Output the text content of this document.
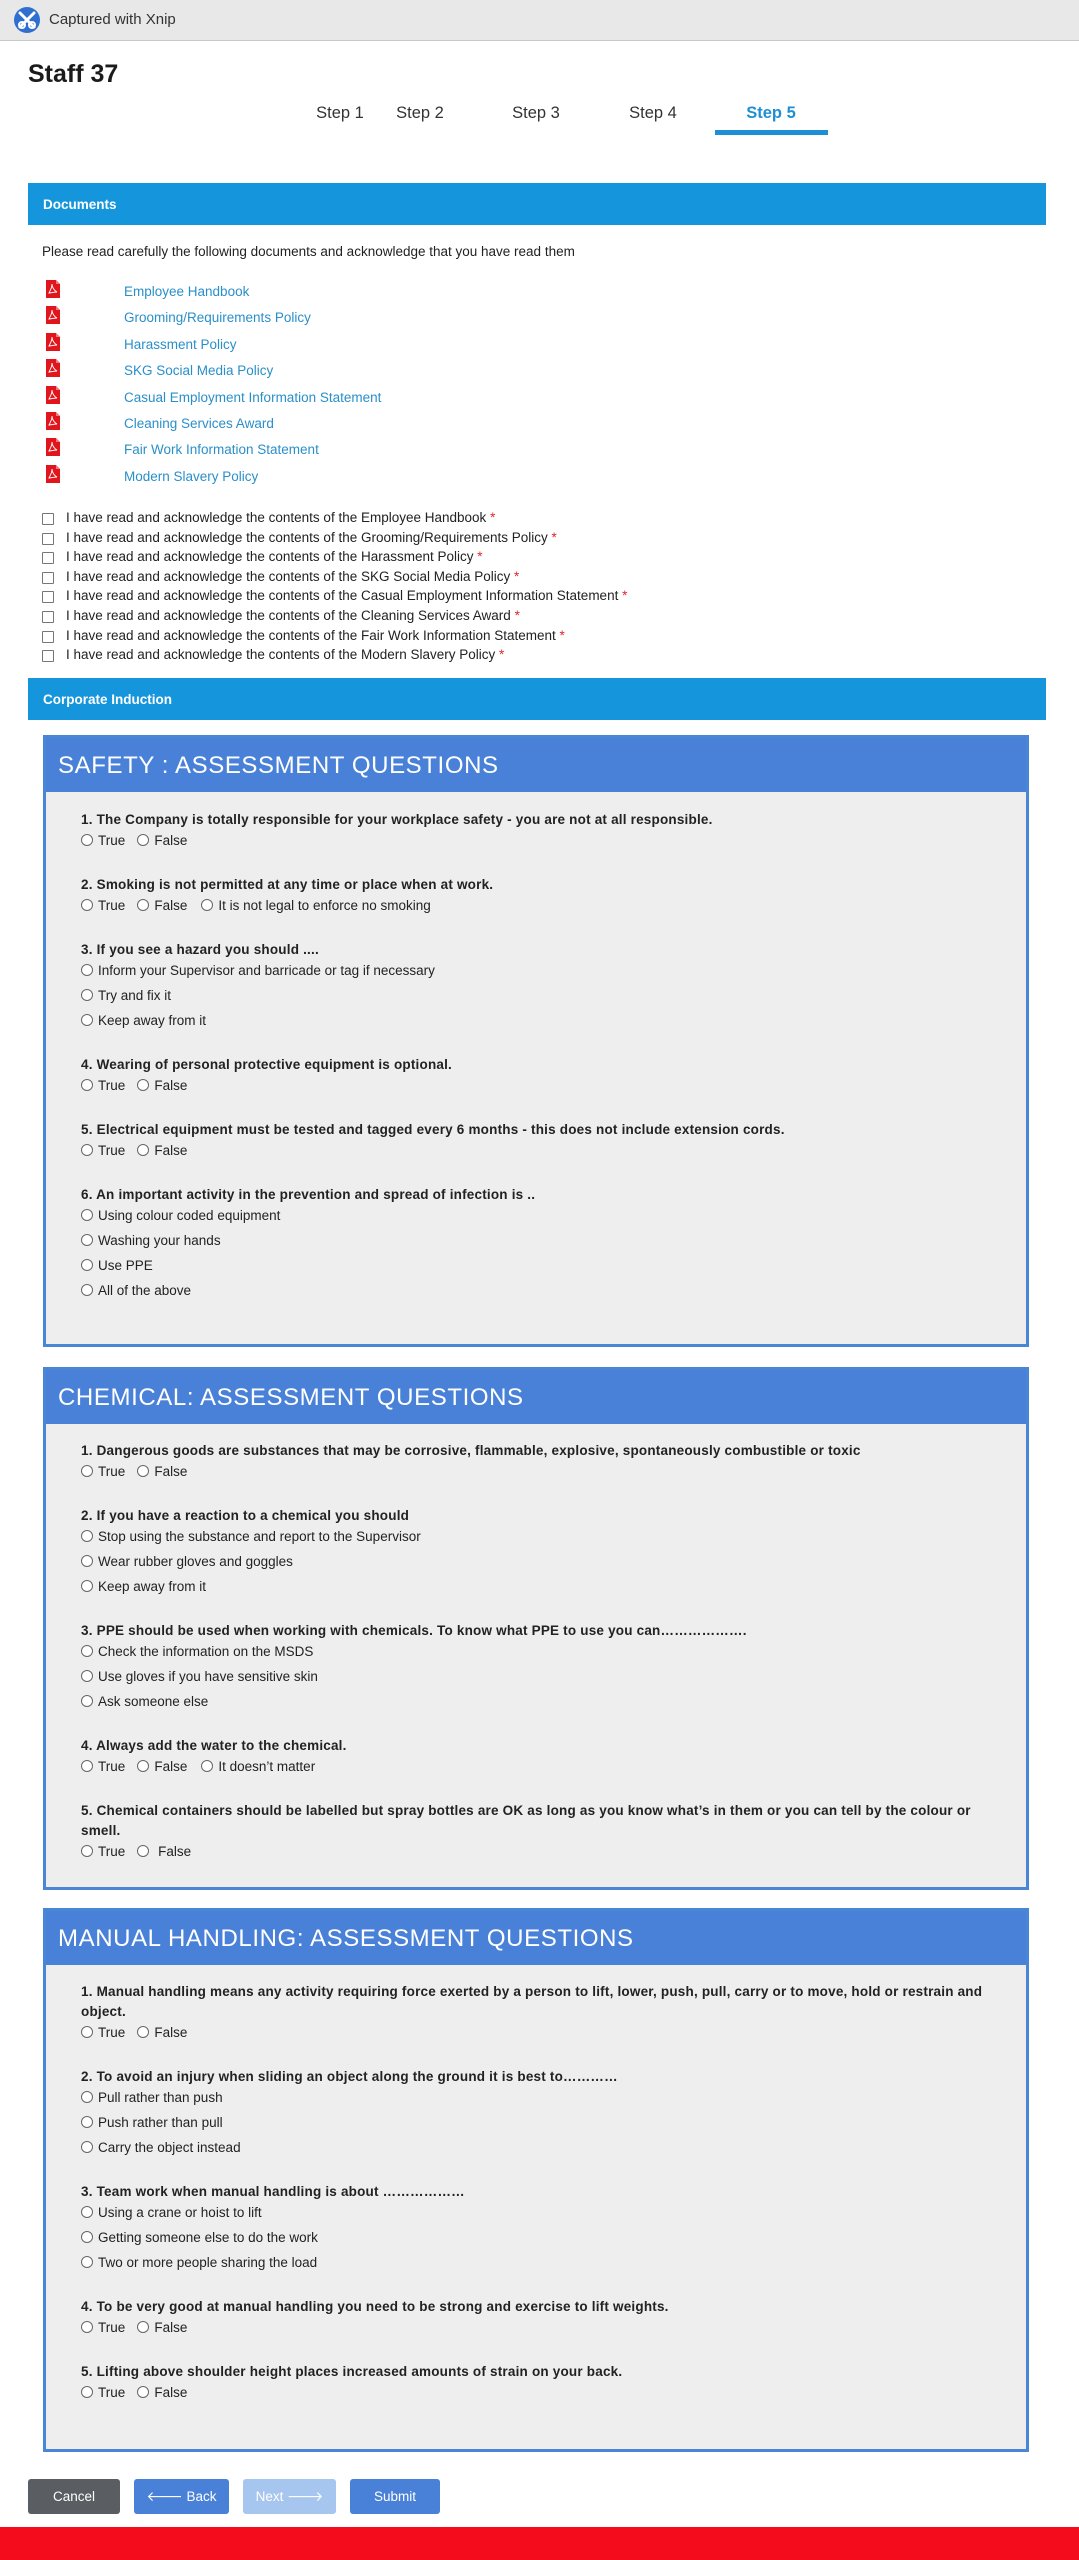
Captured with Xnip
Staff 37
Step 1	Step 2	Step 3	Step 4	Step 5
Documents
Please read carefully the following documents and acknowledge that you have read them
Employee Handbook
Grooming/Requirements Policy
Harassment Policy
SKG Social Media Policy
Casual Employment Information Statement
Cleaning Services Award
Fair Work Information Statement
Modern Slavery Policy
I have read and acknowledge the contents of the Employee Handbook *
I have read and acknowledge the contents of the Grooming/Requirements Policy *
I have read and acknowledge the contents of the Harassment Policy *
I have read and acknowledge the contents of the SKG Social Media Policy *
I have read and acknowledge the contents of the Casual Employment Information Statement *
I have read and acknowledge the contents of the Cleaning Services Award *
I have read and acknowledge the contents of the Fair Work Information Statement *
I have read and acknowledge the contents of the Modern Slavery Policy *
Corporate Induction
SAFETY : ASSESSMENT QUESTIONS
1. The Company is totally responsible for your workplace safety - you are not at all responsible.
True	False
2. Smoking is not permitted at any time or place when at work.
True	False	It is not legal to enforce no smoking
3. If you see a hazard you should ....
Inform your Supervisor and barricade or tag if necessary
Try and fix it
Keep away from it
4. Wearing of personal protective equipment is optional.
True	False
5. Electrical equipment must be tested and tagged every 6 months - this does not include extension cords.
True	False
6. An important activity in the prevention and spread of infection is ..
Using colour coded equipment
Washing your hands
Use PPE
All of the above
CHEMICAL: ASSESSMENT QUESTIONS
1. Dangerous goods are substances that may be corrosive, flammable, explosive, spontaneously combustible or toxic
True	False
2. If you have a reaction to a chemical you should
Stop using the substance and report to the Supervisor
Wear rubber gloves and goggles
Keep away from it
3. PPE should be used when working with chemicals. To know what PPE to use you can……………….
Check the information on the MSDS
Use gloves if you have sensitive skin
Ask someone else
4. Always add the water to the chemical.
True	False	It doesn’t matter
5. Chemical containers should be labelled but spray bottles are OK as long as you know what’s in them or you can tell by the colour or smell.
True	False
MANUAL HANDLING: ASSESSMENT QUESTIONS
1. Manual handling means any activity requiring force exerted by a person to lift, lower, push, pull, carry or to move, hold or restrain and object.
True	False
2. To avoid an injury when sliding an object along the ground it is best to…………
Pull rather than push
Push rather than pull
Carry the object instead
3. Team work when manual handling is about ………………
Using a crane or hoist to lift
Getting someone else to do the work
Two or more people sharing the load
4. To be very good at manual handling you need to be strong and exercise to lift weights.
True	False
5. Lifting above shoulder height places increased amounts of strain on your back.
True	False
Cancel	🡐 Back	Next 🡒	Submit
